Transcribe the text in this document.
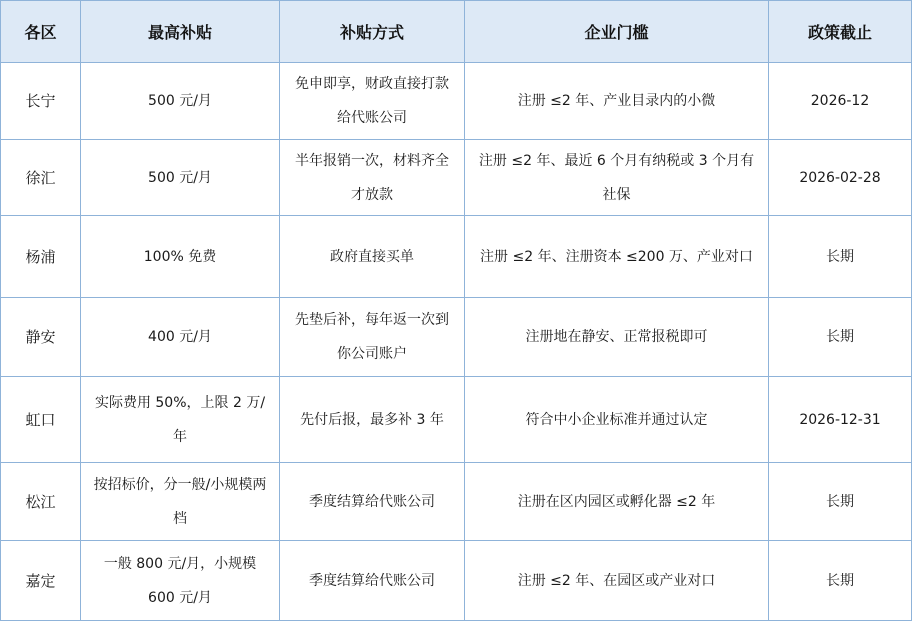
各区	最高补贴	补贴方式	企业门槛	政策截止
长宁	500 元/月	免申即享，财政直接打款给代账公司	注册 ≤2 年、产业目录内的小微	2026-12
徐汇	500 元/月	半年报销一次，材料齐全才放款	注册 ≤2 年、最近 6 个月有纳税或 3 个月有社保	2026-02-28
杨浦	100% 免费	政府直接买单	注册 ≤2 年、注册资本 ≤200 万、产业对口	长期
静安	400 元/月	先垫后补，每年返一次到你公司账户	注册地在静安、正常报税即可	长期
虹口	实际费用 50%，上限 2 万/年	先付后报，最多补 3 年	符合中小企业标准并通过认定	2026-12-31
松江	按招标价，分一般/小规模两档	季度结算给代账公司	注册在区内园区或孵化器 ≤2 年	长期
嘉定	一般 800 元/月，小规模 600 元/月	季度结算给代账公司	注册 ≤2 年、在园区或产业对口	长期
